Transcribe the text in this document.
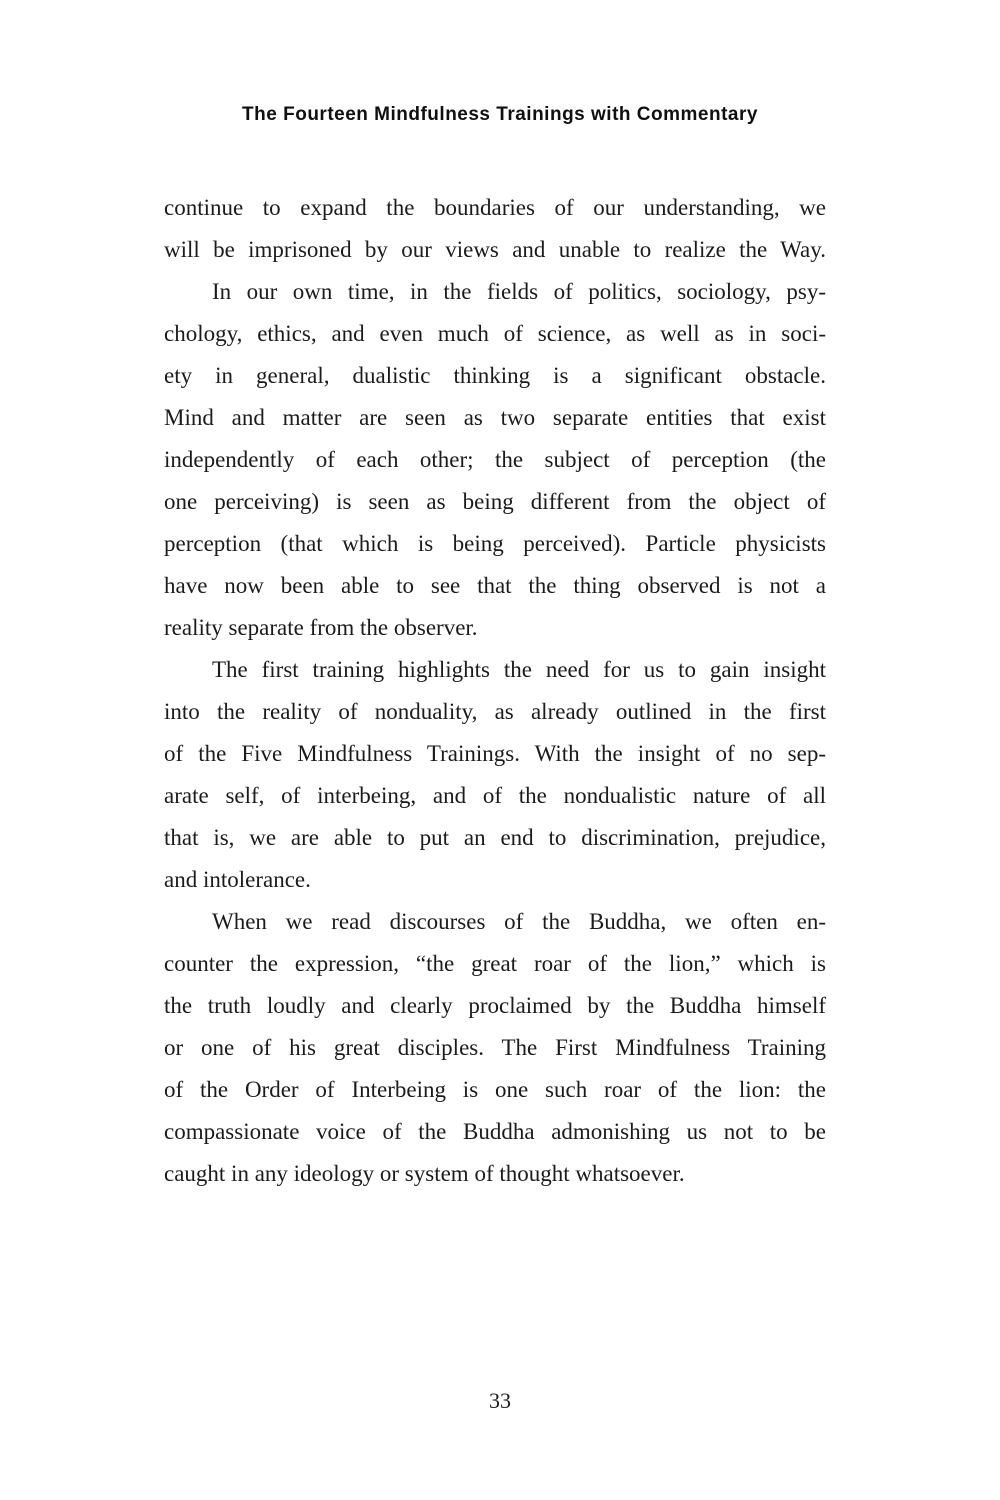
The Fourteen Mindfulness Trainings with Commentary
continue to expand the boundaries of our understanding, we
will be imprisoned by our views and unable to realize the Way.
In our own time, in the fields of politics, sociology, psy-
chology, ethics, and even much of science, as well as in soci-
ety in general, dualistic thinking is a significant obstacle.
Mind and matter are seen as two separate entities that exist
independently of each other; the subject of perception (the
one perceiving) is seen as being different from the object of
perception (that which is being perceived). Particle physicists
have now been able to see that the thing observed is not a
reality separate from the observer.
The first training highlights the need for us to gain insight
into the reality of nonduality, as already outlined in the first
of the Five Mindfulness Trainings. With the insight of no sep-
arate self, of interbeing, and of the nondualistic nature of all
that is, we are able to put an end to discrimination, prejudice,
and intolerance.
When we read discourses of the Buddha, we often en-
counter the expression, “the great roar of the lion,” which is
the truth loudly and clearly proclaimed by the Buddha himself
or one of his great disciples. The First Mindfulness Training
of the Order of Interbeing is one such roar of the lion: the
compassionate voice of the Buddha admonishing us not to be
caught in any ideology or system of thought whatsoever.
33
